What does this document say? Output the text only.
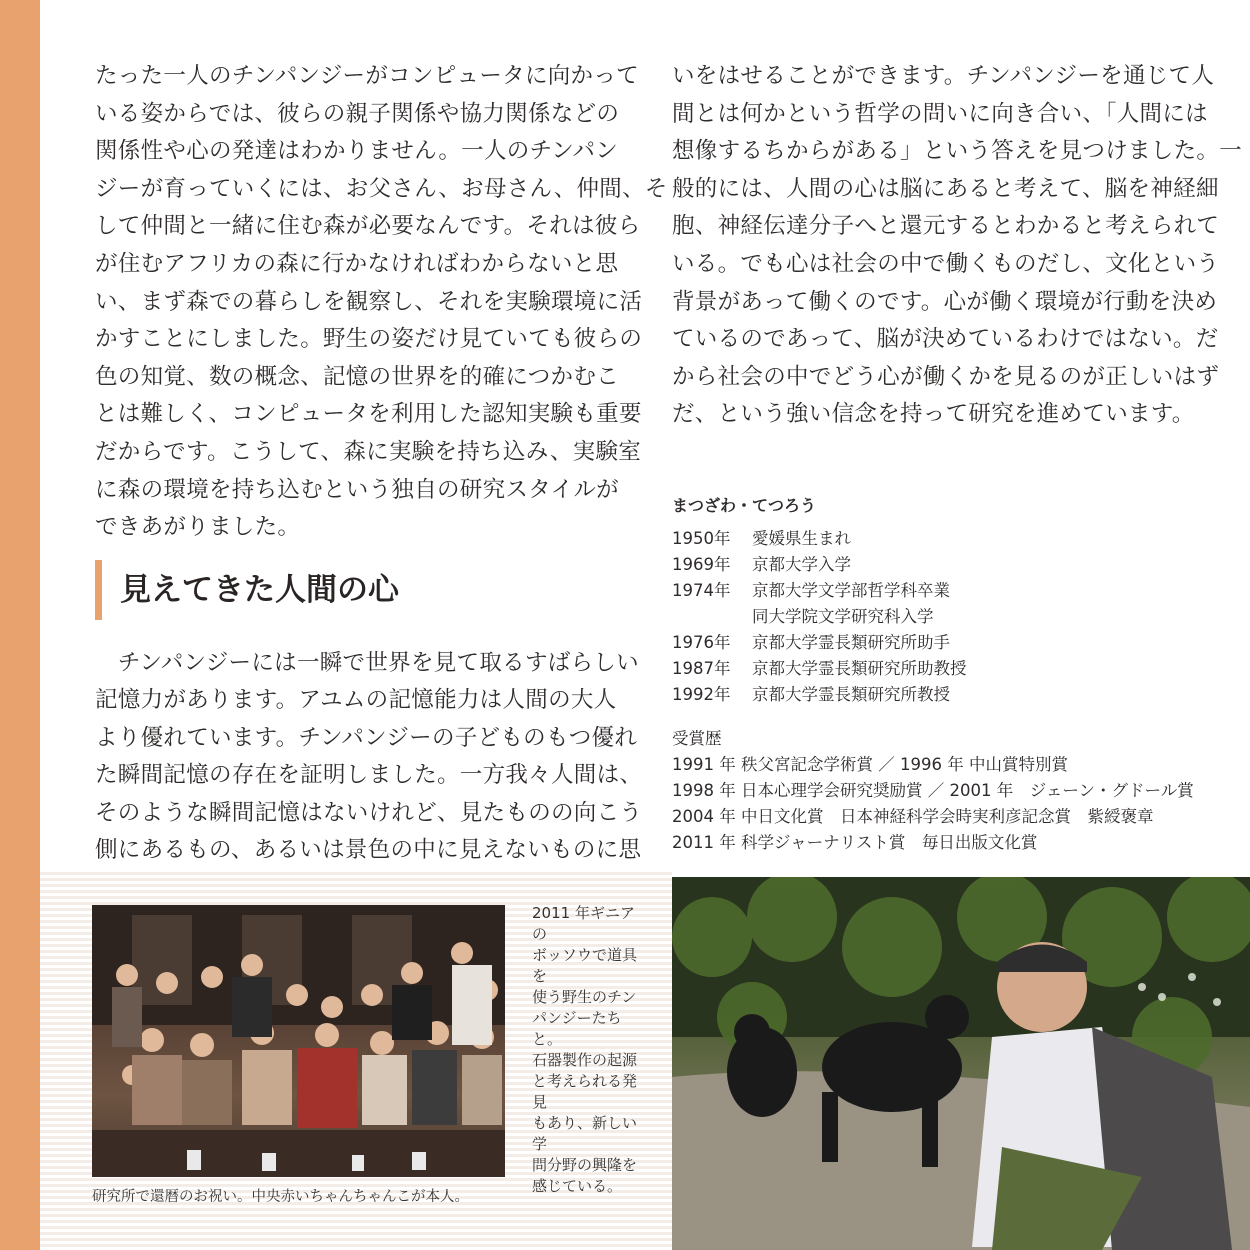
たった一人のチンパンジーがコンピュータに向かって
いる姿からでは、彼らの親子関係や協力関係などの
関係性や心の発達はわかりません。一人のチンパン
ジーが育っていくには、お父さん、お母さん、仲間、そ
して仲間と一緒に住む森が必要なんです。それは彼ら
が住むアフリカの森に行かなければわからないと思
い、まず森での暮らしを観察し、それを実験環境に活
かすことにしました。野生の姿だけ見ていても彼らの
色の知覚、数の概念、記憶の世界を的確につかむこ
とは難しく、コンピュータを利用した認知実験も重要
だからです。こうして、森に実験を持ち込み、実験室
に森の環境を持ち込むという独自の研究スタイルが
できあがりました。

見えてきた人間の心

　チンパンジーには一瞬で世界を見て取るすばらしい
記憶力があります。アユムの記憶能力は人間の大人
より優れています。チンパンジーの子どものもつ優れ
た瞬間記憶の存在を証明しました。一方我々人間は、
そのような瞬間記憶はないけれど、見たものの向こう
側にあるもの、あるいは景色の中に見えないものに思

いをはせることができます。チンパンジーを通じて人
間とは何かという哲学の問いに向き合い、「人間には
想像するちからがある」という答えを見つけました。一
般的には、人間の心は脳にあると考えて、脳を神経細
胞、神経伝達分子へと還元するとわかると考えられて
いる。でも心は社会の中で働くものだし、文化という
背景があって働くのです。心が働く環境が行動を決め
ているのであって、脳が決めているわけではない。だ
から社会の中でどう心が働くかを見るのが正しいはず
だ、という強い信念を持って研究を進めています。

まつざわ・てつろう
1950年	愛媛県生まれ
1969年	京都大学入学
1974年	京都大学文学部哲学科卒業
同大学院文学研究科入学
1976年	京都大学霊長類研究所助手
1987年	京都大学霊長類研究所助教授
1992年	京都大学霊長類研究所教授
受賞歴
1991 年 秩父宮記念学術賞 ／ 1996 年 中山賞特別賞
1998 年 日本心理学会研究奨励賞 ／ 2001 年　ジェーン・グドール賞
2004 年 中日文化賞　日本神経科学会時実利彦記念賞　紫綬褒章
2011 年 科学ジャーナリスト賞　毎日出版文化賞
2011 年ギニアの
ボッソウで道具を
使う野生のチン
パンジーたちと。
石器製作の起源
と考えられる発見
もあり、新しい学
問分野の興隆を
感じている。
研究所で還暦のお祝い。中央赤いちゃんちゃんこが本人。
